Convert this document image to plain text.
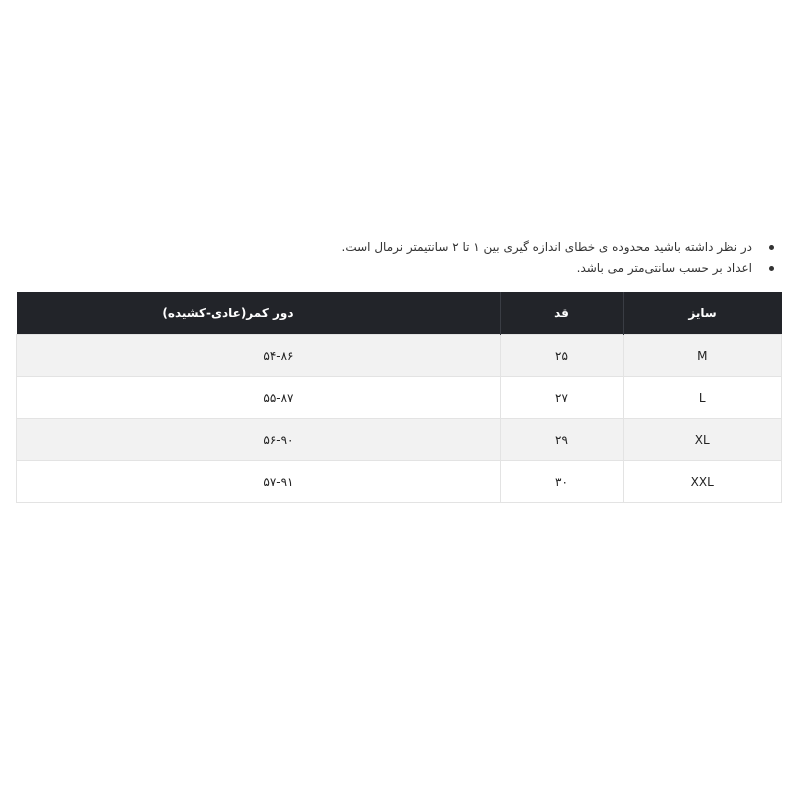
در نظر داشته باشید محدوده ی خطای اندازه گیری بین ۱ تا ۲ سانتیمتر نرمال است.
اعداد بر حسب سانتی‌متر می باشد.
سایز	قد	دور کمر(عادی-کشیده)
M	۲۵	۵۴-۸۶
L	۲۷	۵۵-۸۷
XL	۲۹	۵۶-۹۰
XXL	۳۰	۵۷-۹۱
